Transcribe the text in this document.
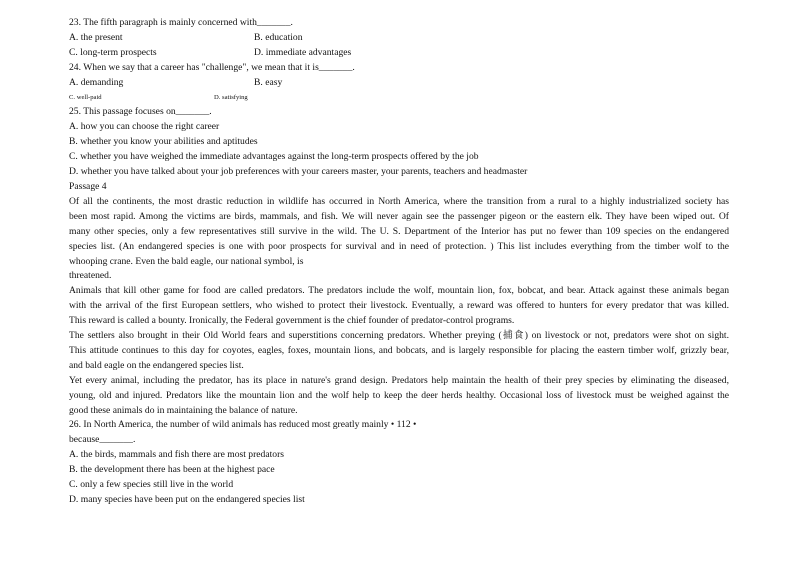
23. The fifth paragraph is mainly concerned with_______.
A. the present	B. education
C. long-term prospects	D. immediate advantages
24. When we say that a career has "challenge", we mean that it is_______.
A. demanding	B. easy
C. well-paid	D. satisfying
25. This passage focuses on_______.
A. how you can choose the right career
B. whether you know your abilities and aptitudes
C. whether you have weighed the immediate advantages against the long-term prospects offered by the job
D. whether you have talked about your job preferences with your careers master, your parents, teachers and headmaster
Passage 4
Of all the continents, the most drastic reduction in wildlife has occurred in North America, where the transition from a rural to a highly industrialized society has
been most rapid. Among the victims are birds, mammals, and fish. We will never again see the passenger pigeon or the eastern elk. They have been wiped out. Of
many other species, only a few representatives still survive in the wild. The U. S. Department of the Interior has put no fewer than 109 species on the endangered
species list. (An endangered species is one with poor prospects for survival and in need of protection. ) This list includes everything from the timber wolf to the
whooping crane. Even the bald eagle, our national symbol, is
threatened.
Animals that kill other game for food are called predators. The predators include the wolf, mountain lion, fox, bobcat, and bear. Attack against these animals began
with the arrival of the first European settlers, who wished to protect their livestock. Eventually, a reward was offered to hunters for every predator that was killed.
This reward is called a bounty. Ironically, the Federal government is the chief founder of predator-control programs.
The settlers also brought in their Old World fears and superstitions concerning predators. Whether preying (捕食) on livestock or not, predators were shot on sight.
This attitude continues to this day for coyotes, eagles, foxes, mountain lions, and bobcats, and is largely responsible for placing the eastern timber wolf, grizzly bear,
and bald eagle on the endangered species list.
Yet every animal, including the predator, has its place in nature's grand design. Predators help maintain the health of their prey species by eliminating the diseased,
young, old and injured. Predators like the mountain lion and the wolf help to keep the deer herds healthy. Occasional loss of livestock must be weighed against the
good these animals do in maintaining the balance of nature.
26. In North America, the number of wild animals has reduced most greatly mainly • 112 •
because_______.
A. the birds, mammals and fish there are most predators
B. the development there has been at the highest pace
C. only a few species still live in the world
D. many species have been put on the endangered species list
